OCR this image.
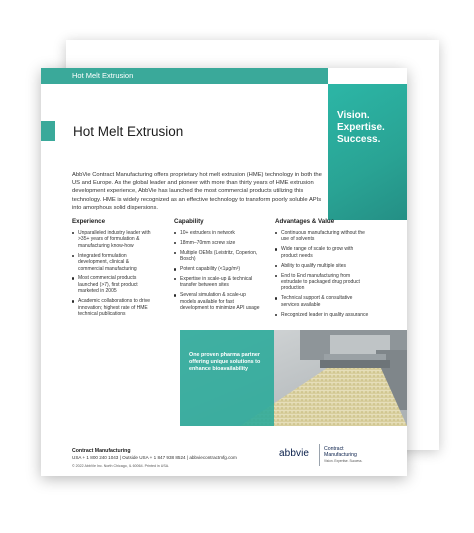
Hot Melt Extrusion
Hot Melt Extrusion
Vision.
Expertise.
Success.
AbbVie Contract Manufacturing offers proprietary hot melt extrusion (HME) technology in both the US and Europe. As the global leader and pioneer with more than thirty years of HME extrusion development experience, AbbVie has launched the most commercial products utilizing this technology. HME is widely recognized as an effective technology to transform poorly soluble APIs into amorphous solid dispersions.
Experience
Unparalleled industry leader with >35+ years of formulation & manufacturing know-how
Integrated formulation development, clinical & commercial manufacturing
Most commercial products launched (>7), first product marketed in 2005
Academic collaborations to drive innovation; highest rate of HME technical publications
Capability
10+ extruders in network
18mm–70mm screw size
Multiple OEMs (Leistritz, Coperion, Bosch)
Potent capability (<1μg/m³)
Expertise in scale-up & technical transfer between sites
Several simulation & scale-up models available for fast development to minimize API usage
Advantages & Value
Continuous manufacturing without the use of solvents
Wide range of scale to grow with product needs
Ability to qualify multiple sites
End to End manufacturing from extrudate to packaged drug product production
Technical support & consultative services available
Recognized leader in quality assurance
One proven pharma partner offering unique solutions to enhance bioavailability
Contract Manufacturing
USA + 1 800 240 1043 | Outside USA + 1 847 938 8524 | abbviecontractmfg.com
© 2022 AbbVie Inc. North Chicago, IL 60064. Printed in USA.
abbvie	Contract
Manufacturing
Vision. Expertise. Success.
